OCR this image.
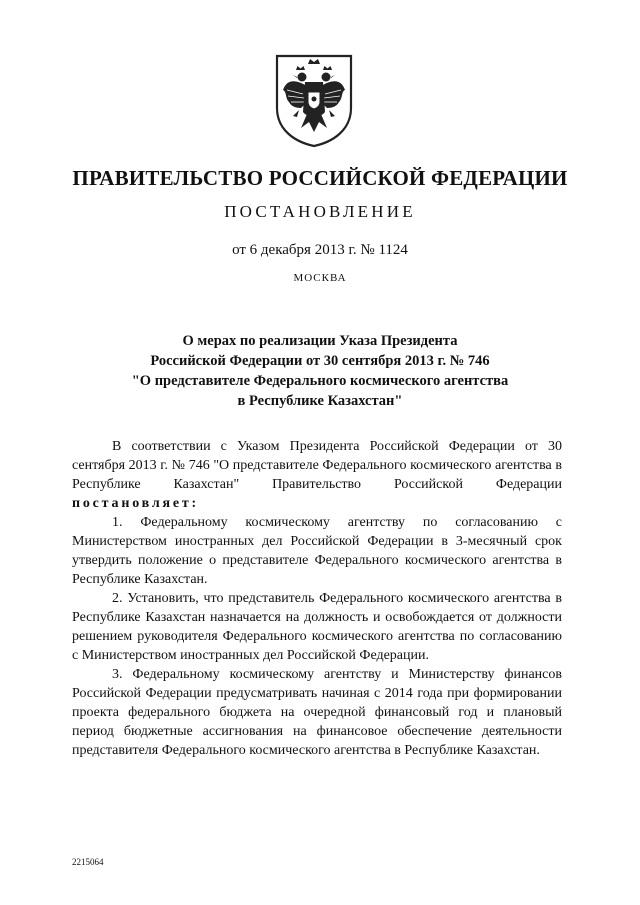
ПРАВИТЕЛЬСТВО РОССИЙСКОЙ ФЕДЕРАЦИИ
ПОСТАНОВЛЕНИЕ
от 6 декабря 2013 г. № 1124
МОСКВА
О мерах по реализации Указа Президента
Российской Федерации от 30 сентября 2013 г. № 746
"О представителе Федерального космического агентства
в Республике Казахстан"

В соответствии с Указом Президента Российской Федерации от 30 сентября 2013 г. № 746 "О представителе Федерального космического агентства в Республике Казахстан" Правительство Российской Федерации постановляет:

1. Федеральному космическому агентству по согласованию с Министерством иностранных дел Российской Федерации в 3-месячный срок утвердить положение о представителе Федерального космического агентства в Республике Казахстан.

2. Установить, что представитель Федерального космического агентства в Республике Казахстан назначается на должность и освобождается от должности решением руководителя Федерального космического агентства по согласованию с Министерством иностранных дел Российской Федерации.

3. Федеральному космическому агентству и Министерству финансов Российской Федерации предусматривать начиная с 2014 года при формировании проекта федерального бюджета на очередной финансовый год и плановый период бюджетные ассигнования на финансовое обеспечение деятельности представителя Федерального космического агентства в Республике Казахстан.

2215064
